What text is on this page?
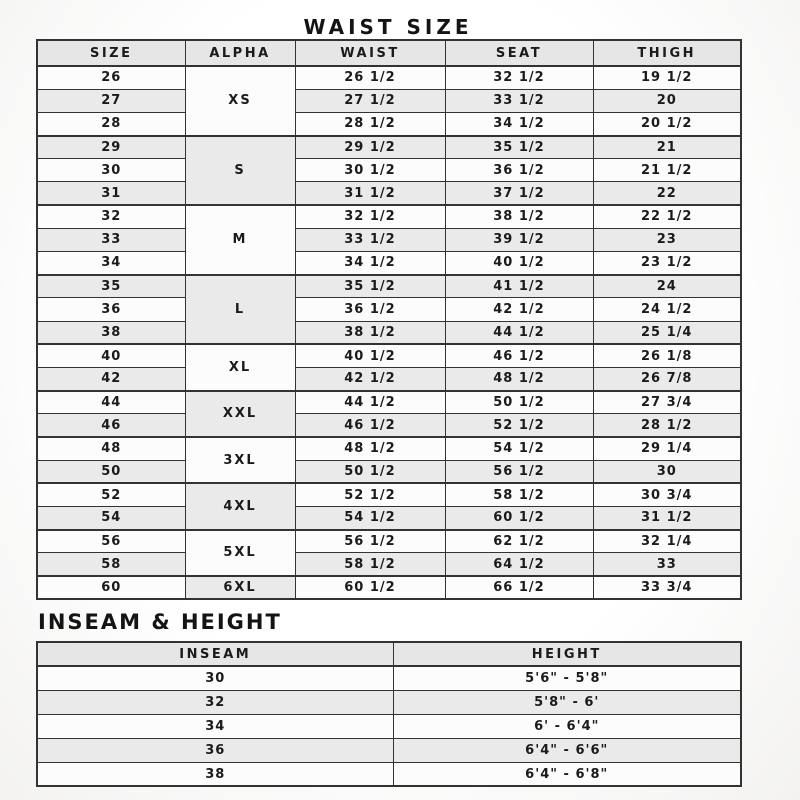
WAIST SIZE
SIZE	ALPHA	WAIST	SEAT	THIGH
26	XS	26 1/2	32 1/2	19 1/2
27		27 1/2	33 1/2	20
28		28 1/2	34 1/2	20 1/2
29	S	29 1/2	35 1/2	21
30		30 1/2	36 1/2	21 1/2
31		31 1/2	37 1/2	22
32	M	32 1/2	38 1/2	22 1/2
33		33 1/2	39 1/2	23
34		34 1/2	40 1/2	23 1/2
35	L	35 1/2	41 1/2	24
36		36 1/2	42 1/2	24 1/2
38		38 1/2	44 1/2	25 1/4
40	XL	40 1/2	46 1/2	26 1/8
42		42 1/2	48 1/2	26 7/8
44	XXL	44 1/2	50 1/2	27 3/4
46		46 1/2	52 1/2	28 1/2
48	3XL	48 1/2	54 1/2	29 1/4
50		50 1/2	56 1/2	30
52	4XL	52 1/2	58 1/2	30 3/4
54		54 1/2	60 1/2	31 1/2
56	5XL	56 1/2	62 1/2	32 1/4
58		58 1/2	64 1/2	33
60	6XL	60 1/2	66 1/2	33 3/4
INSEAM & HEIGHT
INSEAM	HEIGHT
30	5'6" - 5'8"
32	5'8" - 6'
34	6' - 6'4"
36	6'4" - 6'6"
38	6'4" - 6'8"
